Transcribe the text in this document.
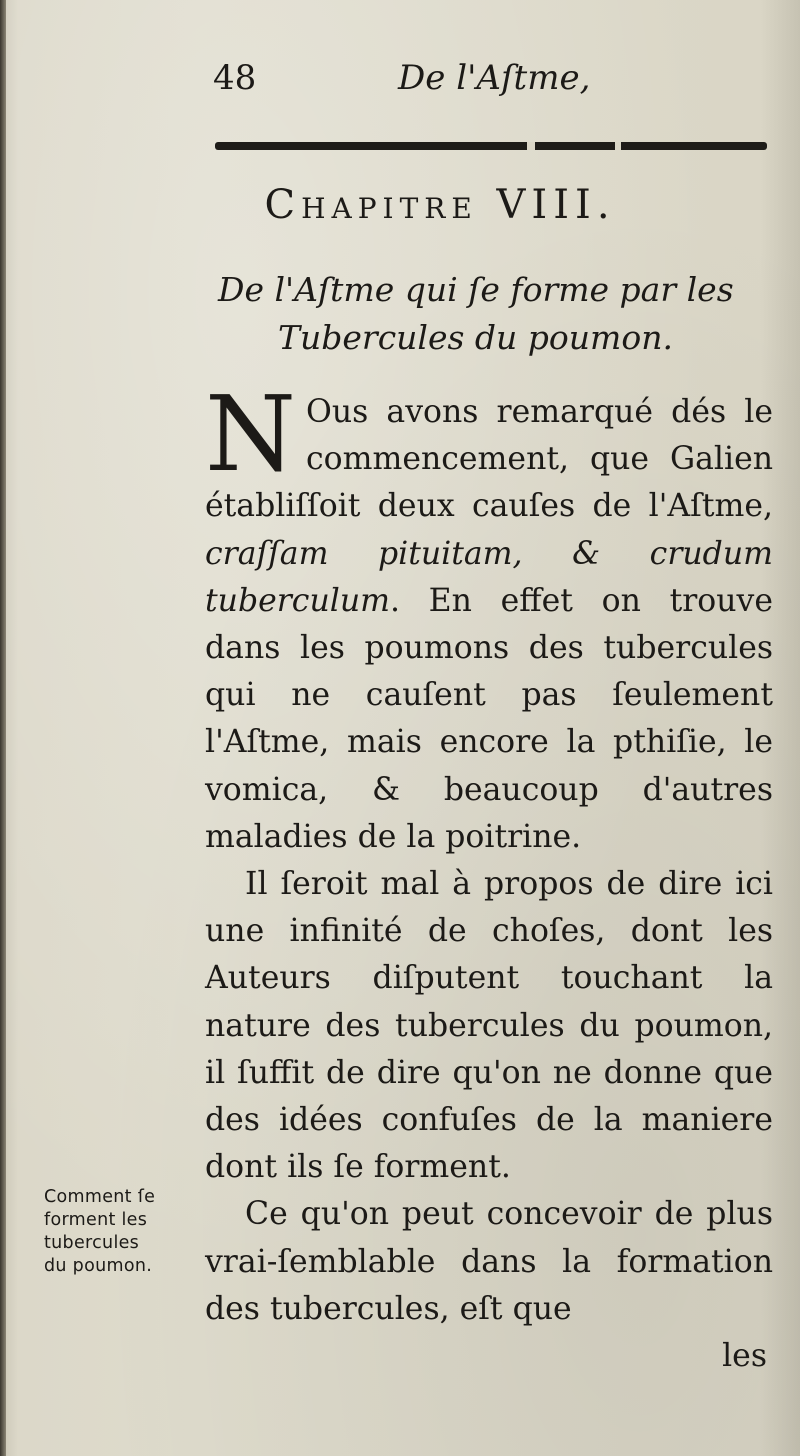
48	De l'Aſtme,
Chapitre VIII.
De l'Aſtme qui ſe forme par les
Tubercules du poumon.

N Ous avons remarqué dés le commencement, que Galien établiſſoit deux cauſes de l'Aſtme, craſſam pituitam, & crudum tuberculum. En effet on trouve dans les poumons des tubercules qui ne cauſent pas ſeulement l'Aſtme, mais encore la pthiſie, le vomica, & beaucoup d'autres maladies de la poitrine.

Il ſeroit mal à propos de dire ici une infinité de choſes, dont les Auteurs diſputent touchant la nature des tubercules du poumon, il ſuffit de dire qu'on ne donne que des idées confuſes de la maniere dont ils ſe forment.

Ce qu'on peut concevoir de plus vrai-ſemblable dans la formation des tubercules, eſt que

les

Comment ſe
forment les
tubercules
du poumon.
